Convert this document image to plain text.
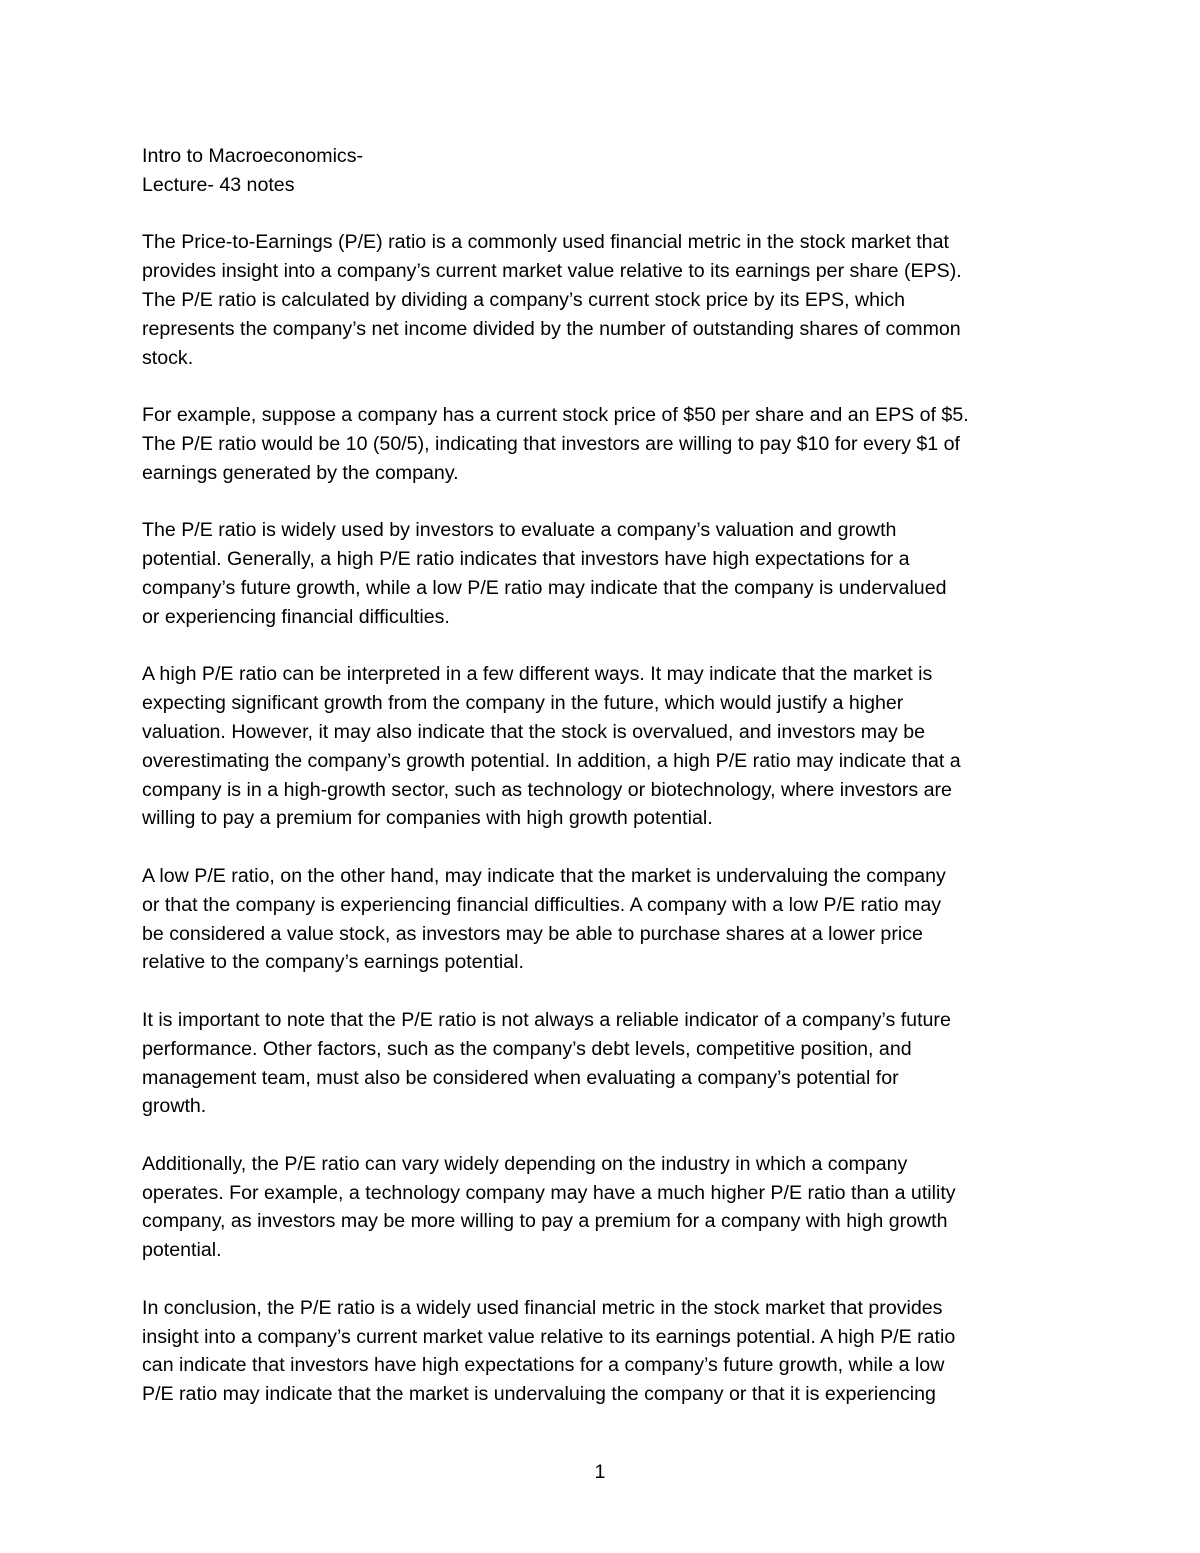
Intro to Macroeconomics-

Lecture- 43 notes

The Price-to-Earnings (P/E) ratio is a commonly used financial metric in the stock market that
provides insight into a company’s current market value relative to its earnings per share (EPS).
The P/E ratio is calculated by dividing a company’s current stock price by its EPS, which
represents the company’s net income divided by the number of outstanding shares of common
stock.

For example, suppose a company has a current stock price of $50 per share and an EPS of $5.
The P/E ratio would be 10 (50/5), indicating that investors are willing to pay $10 for every $1 of
earnings generated by the company.

The P/E ratio is widely used by investors to evaluate a company’s valuation and growth
potential. Generally, a high P/E ratio indicates that investors have high expectations for a
company’s future growth, while a low P/E ratio may indicate that the company is undervalued
or experiencing financial difficulties.

A high P/E ratio can be interpreted in a few different ways. It may indicate that the market is
expecting significant growth from the company in the future, which would justify a higher
valuation. However, it may also indicate that the stock is overvalued, and investors may be
overestimating the company’s growth potential. In addition, a high P/E ratio may indicate that a
company is in a high-growth sector, such as technology or biotechnology, where investors are
willing to pay a premium for companies with high growth potential.

A low P/E ratio, on the other hand, may indicate that the market is undervaluing the company
or that the company is experiencing financial difficulties. A company with a low P/E ratio may
be considered a value stock, as investors may be able to purchase shares at a lower price
relative to the company’s earnings potential.

It is important to note that the P/E ratio is not always a reliable indicator of a company’s future
performance. Other factors, such as the company’s debt levels, competitive position, and
management team, must also be considered when evaluating a company’s potential for
growth.

Additionally, the P/E ratio can vary widely depending on the industry in which a company
operates. For example, a technology company may have a much higher P/E ratio than a utility
company, as investors may be more willing to pay a premium for a company with high growth
potential.

In conclusion, the P/E ratio is a widely used financial metric in the stock market that provides
insight into a company’s current market value relative to its earnings potential. A high P/E ratio
can indicate that investors have high expectations for a company’s future growth, while a low
P/E ratio may indicate that the market is undervaluing the company or that it is experiencing

1
